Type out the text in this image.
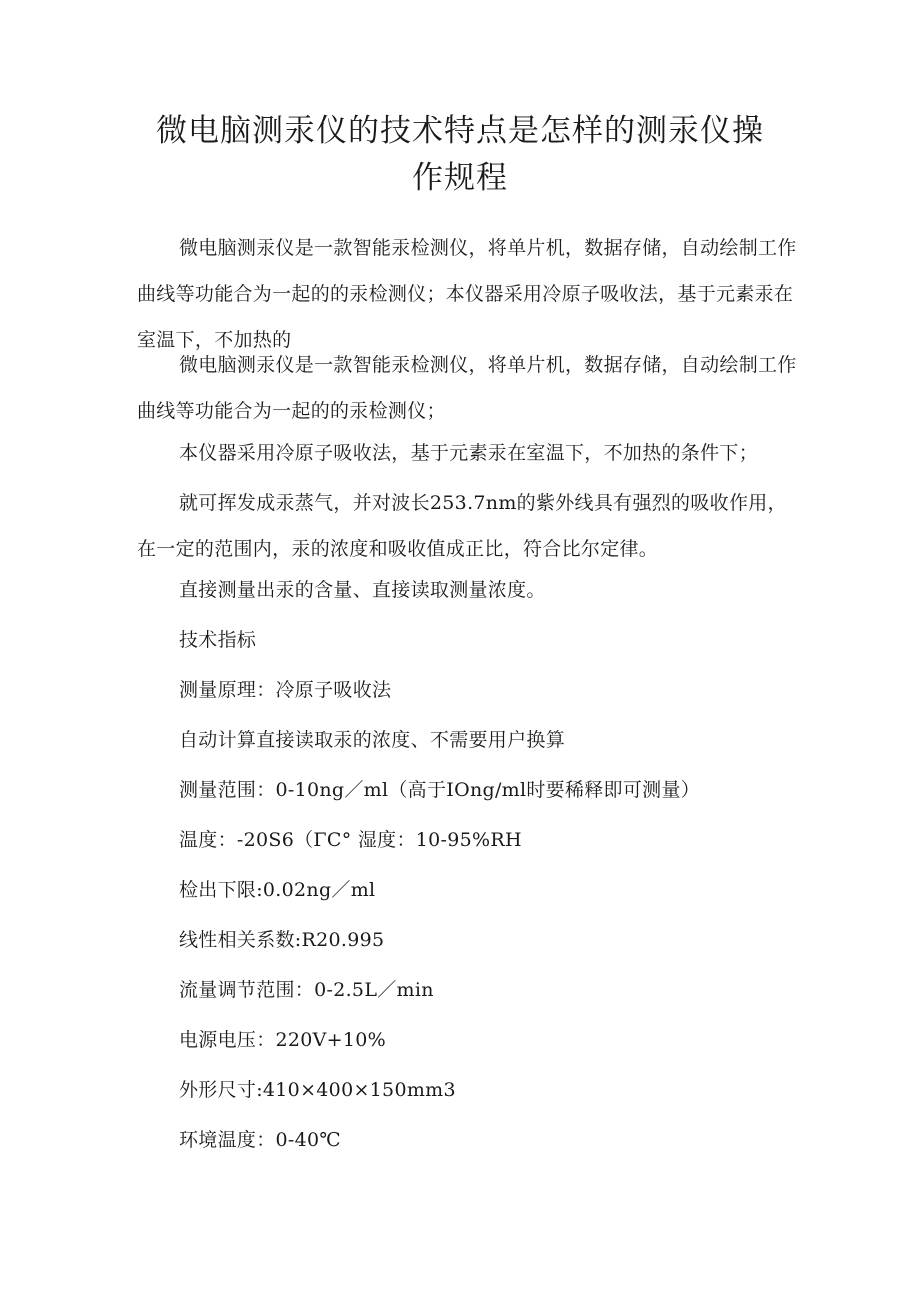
微电脑测汞仪的技术特点是怎样的测汞仪操
作规程

微电脑测汞仪是一款智能汞检测仪，将单片机，数据存储，自动绘制工作曲线等功能合为一起的的汞检测仪；本仪器采用冷原子吸收法，基于元素汞在室温下，不加热的

微电脑测汞仪是一款智能汞检测仪，将单片机，数据存储，自动绘制工作曲线等功能合为一起的的汞检测仪；

本仪器采用冷原子吸收法，基于元素汞在室温下，不加热的条件下；

就可挥发成汞蒸气，并对波长253.7nm的紫外线具有强烈的吸收作用，在一定的范围内，汞的浓度和吸收值成正比，符合比尔定律。

直接测量出汞的含量、直接读取测量浓度。

技术指标

测量原理：冷原子吸收法

自动计算直接读取汞的浓度、不需要用户换算

测量范围：0-10ng／ml（高于IOng/ml时要稀释即可测量）

温度：-20S6（ΓC° 湿度：10-95%RH

检出下限:0.02ng／ml

线性相关系数:R20.995

流量调节范围：0-2.5L／min

电源电压：220V+10%

外形尺寸:410×400×150mm3

环境温度：0-40℃
